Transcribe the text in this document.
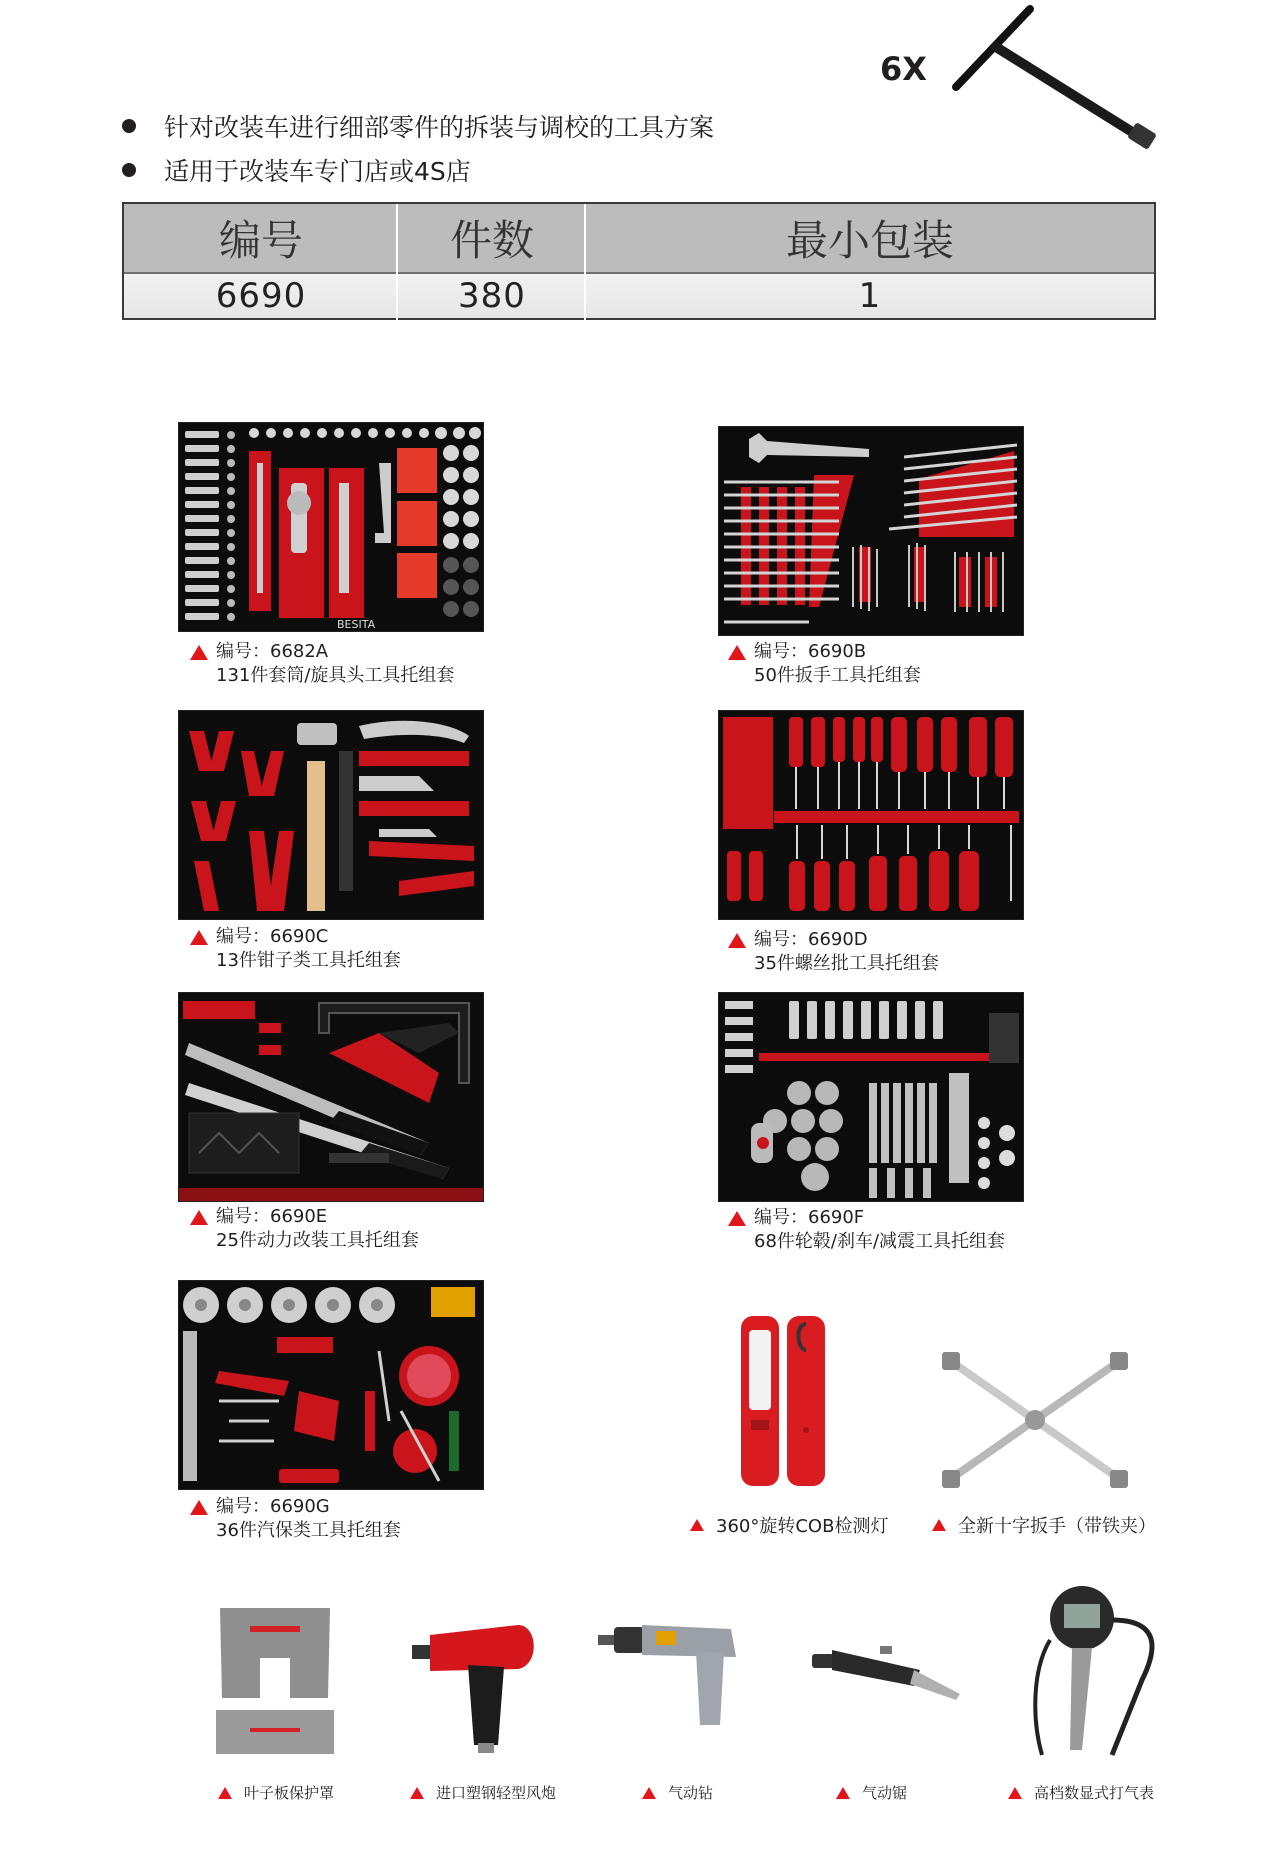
6X
针对改装车进行细部零件的拆装与调校的工具方案
适用于改装车专门店或4S店
编号	件数	最小包装
6690	380	1
BESITA
编号：6682A
131件套筒/旋具头工具托组套
编号：6690B
50件扳手工具托组套
编号：6690C
13件钳子类工具托组套
编号：6690D
35件螺丝批工具托组套
编号：6690E
25件动力改装工具托组套
编号：6690F
68件轮毂/刹车/减震工具托组套
编号：6690G
36件汽保类工具托组套	360°旋转COB检测灯	全新十字扳手（带铁夹）
叶子板保护罩	进口塑钢轻型风炮	气动钻	气动锯	高档数显式打气表
